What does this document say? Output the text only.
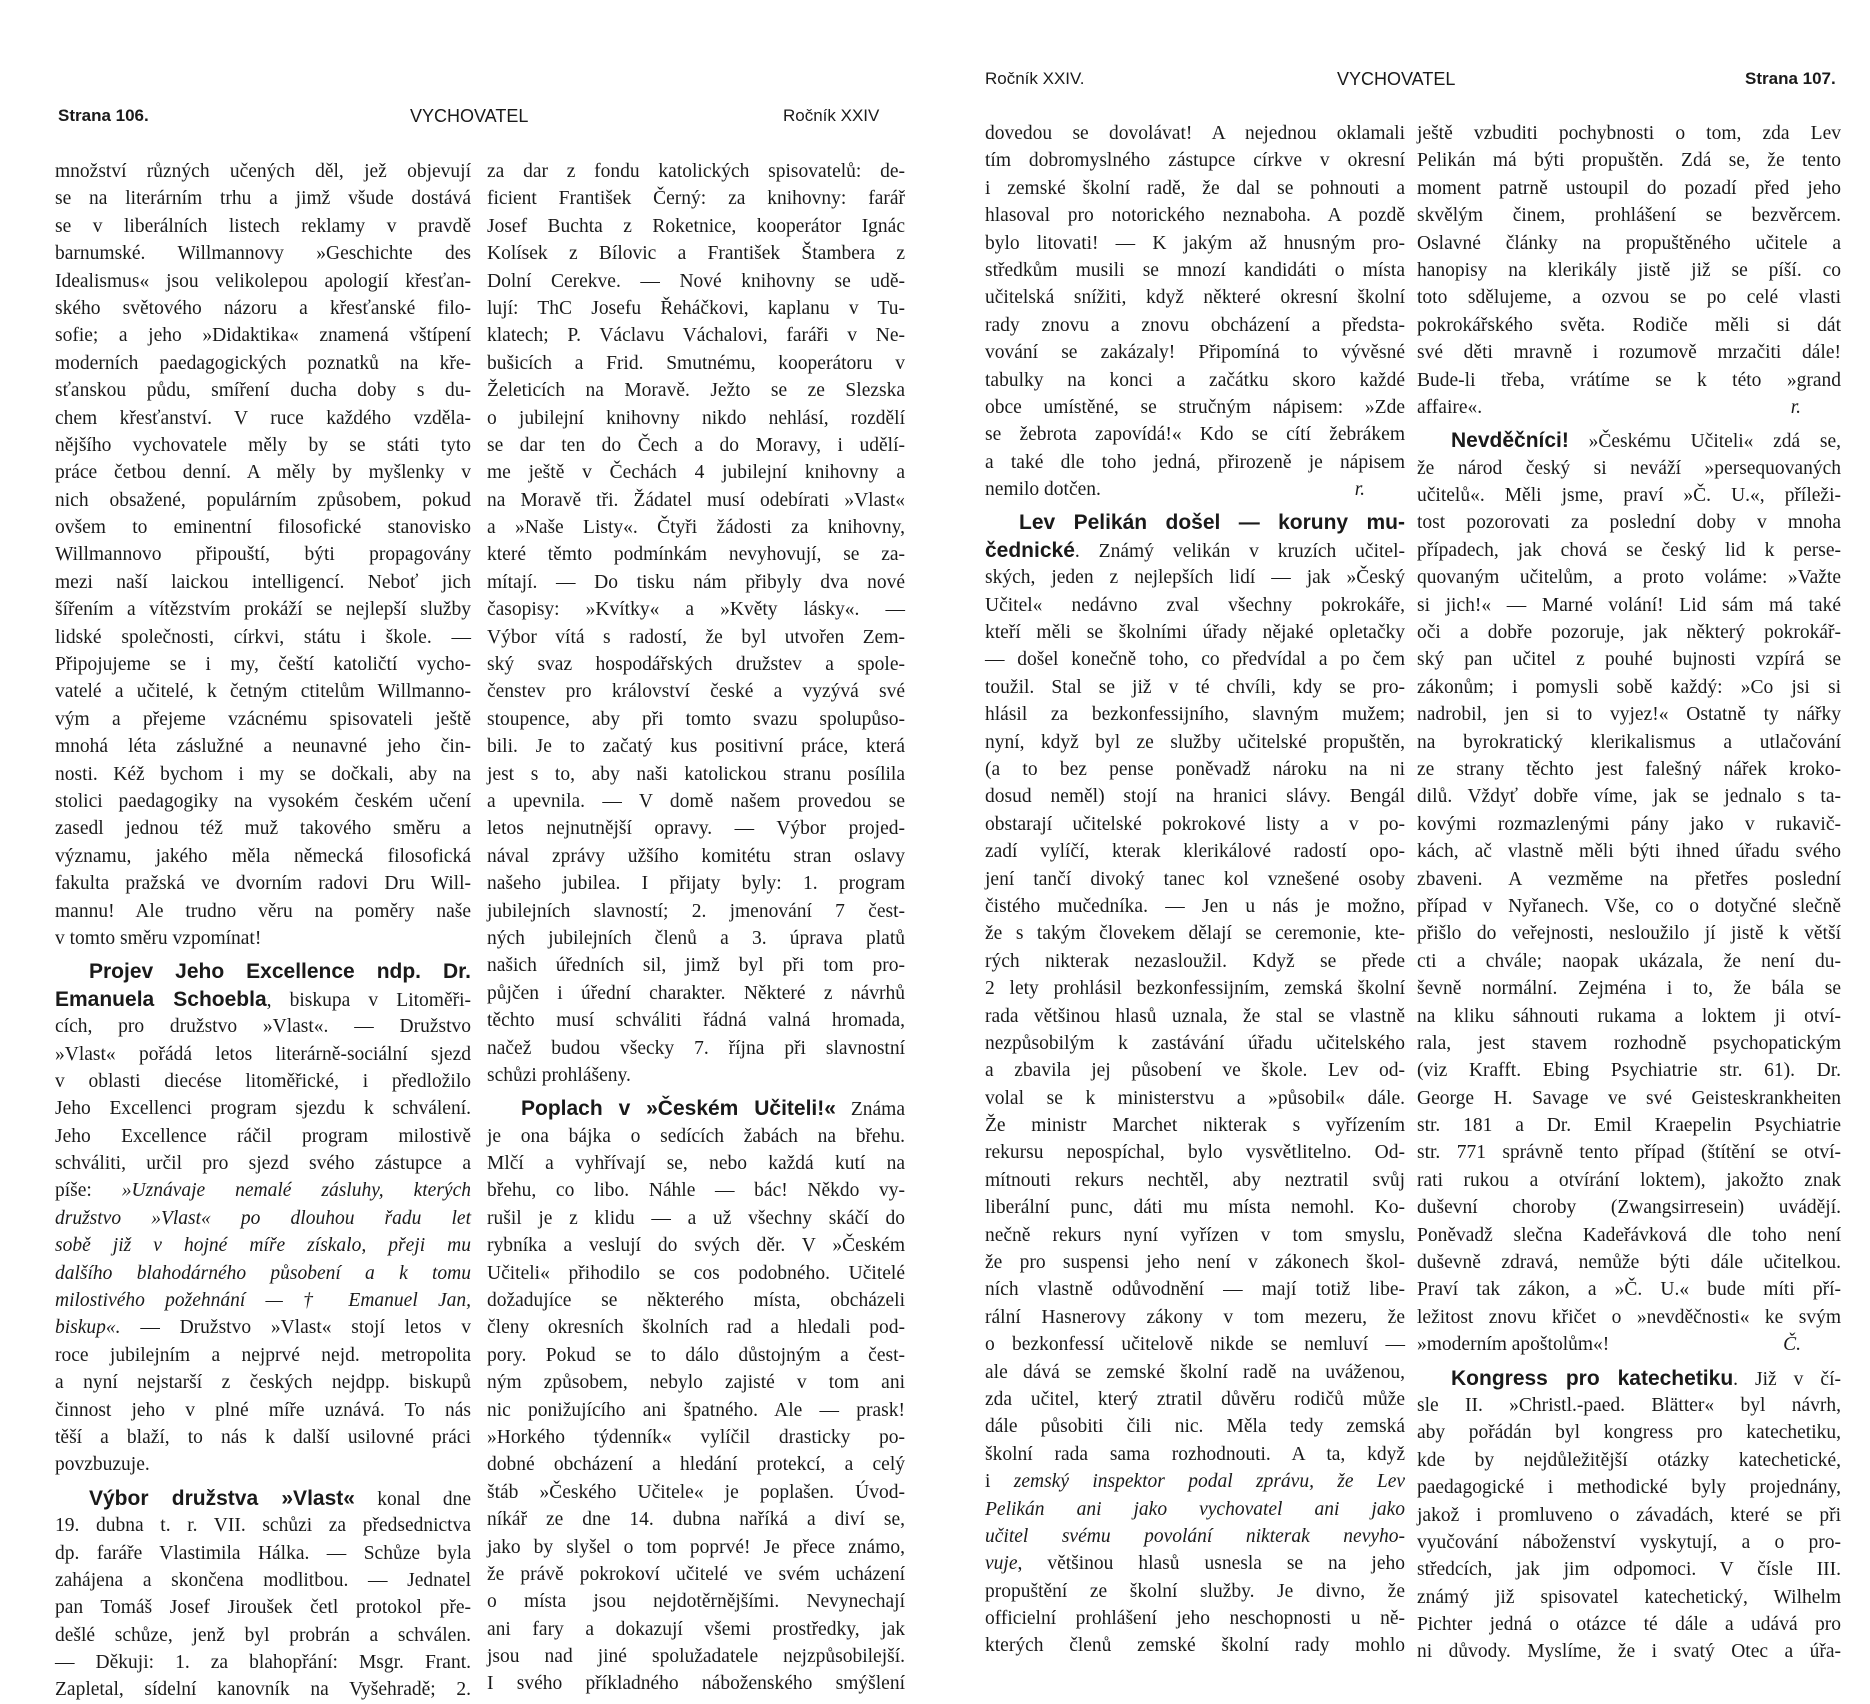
Strana 106.	VYCHOVATEL	Ročník XXIV
Ročník XXIV.	VYCHOVATEL	Strana 107.
množství různých učených děl, jež objevují
se na literárním trhu a jimž všude dostává
se v liberálních listech reklamy v pravdě
barnumské. Willmannovy »Geschichte des
Idealismus« jsou velikolepou apologií křesťan-
ského světového názoru a křesťanské filo-
sofie; a jeho »Didaktika« znamená vštípení
moderních paedagogických poznatků na kře-
sťanskou půdu, smíření ducha doby s du-
chem křesťanství. V ruce každého vzděla-
nějšího vychovatele měly by se státi tyto
práce četbou denní. A měly by myšlenky v
nich obsažené, populárním způsobem, pokud
ovšem to eminentní filosofické stanovisko
Willmannovo připouští, býti propagovány
mezi naší laickou intelligencí. Neboť jich
šířením a vítězstvím prokáží se nejlepší služby
lidské společnosti, církvi, státu i škole. —
Připojujeme se i my, čeští katoličtí vycho-
vatelé a učitelé, k četným ctitelům Willmanno-
vým a přejeme vzácnému spisovateli ještě
mnohá léta záslužné a neunavné jeho čin-
nosti. Kéž bychom i my se dočkali, aby na
stolici paedagogiky na vysokém českém učení
zasedl jednou též muž takového směru a
významu, jakého měla německá filosofická
fakulta pražská ve dvorním radovi Dru Will-
mannu! Ale trudno věru na poměry naše
v tomto směru vzpomínat!
Projev Jeho Excellence ndp. Dr.
Emanuela Schoebla, biskupa v Litoměři-
cích, pro družstvo »Vlast«. — Družstvo
»Vlast« pořádá letos literárně-sociální sjezd
v oblasti diecése litoměřické, i předložilo
Jeho Excellenci program sjezdu k schválení.
Jeho Excellence ráčil program milostivě
schváliti, určil pro sjezd svého zástupce a
píše: »Uznávaje nemalé zásluhy, kterých
družstvo »Vlast« po dlouhou řadu let
sobě již v hojné míře získalo, přeji mu
dalšího blahodárného působení a k tomu
milostivého požehnání — † Emanuel Jan,
biskup«. — Družstvo »Vlast« stojí letos v
roce jubilejním a nejprvé nejd. metropolita
a nyní nejstarší z českých nejdpp. biskupů
činnost jeho v plné míře uznává. To nás
těší a blaží, to nás k další usilovné práci
povzbuzuje.
Výbor družstva »Vlast« konal dne
19. dubna t. r. VII. schůzi za předsednictva
dp. faráře Vlastimila Hálka. — Schůze byla
zahájena a skončena modlitbou. — Jednatel
pan Tomáš Josef Jiroušek četl protokol pře-
dešlé schůze, jenž byl probrán a schválen.
— Děkuji: 1. za blahopřání: Msgr. Frant.
Zapletal, sídelní kanovník na Vyšehradě; 2.
za dar z fondu katolických spisovatelů: de-
ficient František Černý: za knihovny: farář
Josef Buchta z Roketnice, kooperátor Ignác
Kolísek z Bílovic a František Štambera z
Dolní Cerekve. — Nové knihovny se udě-
lují: ThC Josefu Řeháčkovi, kaplanu v Tu-
klatech; P. Václavu Váchalovi, faráři v Ne-
bušicích a Frid. Smutnému, kooperátoru v
Želeticích na Moravě. Ježto se ze Slezska
o jubilejní knihovny nikdo nehlásí, rozdělí
se dar ten do Čech a do Moravy, i udělí-
me ještě v Čechách 4 jubilejní knihovny a
na Moravě tři. Žádatel musí odebírati »Vlast«
a »Naše Listy«. Čtyři žádosti za knihovny,
které těmto podmínkám nevyhovují, se za-
mítají. — Do tisku nám přibyly dva nové
časopisy: »Kvítky« a »Květy lásky«. —
Výbor vítá s radostí, že byl utvořen Zem-
ský svaz hospodářských družstev a spole-
čenstev pro království české a vyzývá své
stoupence, aby při tomto svazu spolupůso-
bili. Je to začatý kus positivní práce, která
jest s to, aby naši katolickou stranu posílila
a upevnila. — V domě našem provedou se
letos nejnutnější opravy. — Výbor projed-
nával zprávy užšího komitétu stran oslavy
našeho jubilea. I přijaty byly: 1. program
jubilejních slavností; 2. jmenování 7 čest-
ných jubilejních členů a 3. úprava platů
našich úředních sil, jimž byl při tom pro-
půjčen i úřední charakter. Některé z návrhů
těchto musí schváliti řádná valná hromada,
načež budou všecky 7. října při slavnostní
schůzi prohlášeny.
Poplach v »Českém Učiteli!« Známa
je ona bájka o sedících žabách na břehu.
Mlčí a vyhřívají se, nebo každá kutí na
břehu, co libo. Náhle — bác! Někdo vy-
rušil je z klidu — a už všechny skáčí do
rybníka a veslují do svých děr. V »Českém
Učiteli« přihodilo se cos podobného. Učitelé
dožadujíce se některého místa, obcházeli
členy okresních školních rad a hledali pod-
pory. Pokud se to dálo důstojným a čest-
ným způsobem, nebylo zajisté v tom ani
nic ponižujícího ani špatného. Ale — prask!
»Horkého týdenník« vylíčil drasticky po-
dobné obcházení a hledání protekcí, a celý
štáb »Českého Učitele« je poplašen. Úvod-
níkář ze dne 14. dubna naříká a diví se,
jako by slyšel o tom poprvé! Je přece známo,
že právě pokrokoví učitelé ve svém ucházení
o místa jsou nejdotěrnějšími. Nevynechají
ani fary a dokazují všemi prostředky, jak
jsou nad jiné spolužadatele nejzpůsobilejší.
I svého příkladného náboženského smýšlení
dovedou se dovolávat! A nejednou oklamali
tím dobromyslného zástupce církve v okresní
i zemské školní radě, že dal se pohnouti a
hlasoval pro notorického neznaboha. A pozdě
bylo litovati! — K jakým až hnusným pro-
středkům musili se mnozí kandidáti o místa
učitelská snížiti, když některé okresní školní
rady znovu a znovu obcházení a předsta-
vování se zakázaly! Připomíná to vývěsné
tabulky na konci a začátku skoro každé
obce umístěné, se stručným nápisem: »Zde
se žebrota zapovídá!« Kdo se cítí žebrákem
a také dle toho jedná, přirozeně je nápisem
nemilo dotčen.	r.
Lev Pelikán došel — koruny mu-
čednické. Známý velikán v kruzích učitel-
ských, jeden z nejlepších lidí — jak »Český
Učitel« nedávno zval všechny pokrokáře,
kteří měli se školními úřady nějaké opletačky
— došel konečně toho, co předvídal a po čem
toužil. Stal se již v té chvíli, kdy se pro-
hlásil za bezkonfessijního, slavným mužem;
nyní, když byl ze služby učitelské propuštěn,
(a to bez pense poněvadž nároku na ni
dosud neměl) stojí na hranici slávy. Bengál
obstarají učitelské pokrokové listy a v po-
zadí vylíčí, kterak klerikálové radostí opo-
jení tančí divoký tanec kol vznešené osoby
čistého mučedníka. — Jen u nás je možno,
že s takým človekem dělají se ceremonie, kte-
rých nikterak nezasloužil. Když se přede
2 lety prohlásil bezkonfessijním, zemská školní
rada většinou hlasů uznala, že stal se vlastně
nezpůsobilým k zastávání úřadu učitelského
a zbavila jej působení ve škole. Lev od-
volal se k ministerstvu a »působil« dále.
Že ministr Marchet nikterak s vyřízením
rekursu nepospíchal, bylo vysvětlitelno. Od-
mítnouti rekurs nechtěl, aby neztratil svůj
liberální punc, dáti mu místa nemohl. Ko-
nečně rekurs nyní vyřízen v tom smyslu,
že pro suspensi jeho není v zákonech škol-
ních vlastně odůvodnění — mají totiž libe-
rální Hasnerovy zákony v tom mezeru, že
o bezkonfessí učitelově nikde se nemluví —
ale dává se zemské školní radě na uváženou,
zda učitel, který ztratil důvěru rodičů může
dále působiti čili nic. Měla tedy zemská
školní rada sama rozhodnouti. A ta, když
i zemský inspektor podal zprávu, že Lev
Pelikán ani jako vychovatel ani jako
učitel svému povolání nikterak nevyho-
vuje, většinou hlasů usnesla se na jeho
propuštění ze školní služby. Je divno, že
officielní prohlášení jeho neschopnosti u ně-
kterých členů zemské školní rady mohlo
ještě vzbuditi pochybnosti o tom, zda Lev
Pelikán má býti propuštěn. Zdá se, že tento
moment patrně ustoupil do pozadí před jeho
skvělým činem, prohlášení se bezvěrcem.
Oslavné články na propuštěného učitele a
hanopisy na klerikály jistě již se píší. co
toto sdělujeme, a ozvou se po celé vlasti
pokrokářského světa. Rodiče měli si dát
své děti mravně i rozumově mrzačiti dále!
Bude-li třeba, vrátíme se k této »grand
affaire«.	r.
Nevděčníci! »Českému Učiteli« zdá se,
že národ český si neváží »persequovaných
učitelů«. Měli jsme, praví »Č. U.«, příleži-
tost pozorovati za poslední doby v mnoha
případech, jak chová se český lid k perse-
quovaným učitelům, a proto voláme: »Važte
si jich!« — Marné volání! Lid sám má také
oči a dobře pozoruje, jak některý pokrokář-
ský pan učitel z pouhé bujnosti vzpírá se
zákonům; i pomysli sobě každý: »Co jsi si
nadrobil, jen si to vyjez!« Ostatně ty nářky
na byrokratický klerikalismus a utlačování
ze strany těchto jest falešný nářek kroko-
dilů. Vždyť dobře víme, jak se jednalo s ta-
kovými rozmazlenými pány jako v rukavič-
kách, ač vlastně měli býti ihned úřadu svého
zbaveni. A vezměme na přetřes poslední
případ v Nyřanech. Vše, co o dotyčné slečně
přišlo do veřejnosti, nesloužilo jí jistě k větší
cti a chvále; naopak ukázala, že není du-
ševně normální. Zejména i to, že bála se
na kliku sáhnouti rukama a loktem ji otví-
rala, jest stavem rozhodně psychopatickým
(viz Krafft. Ebing Psychiatrie str. 61). Dr.
George H. Savage ve své Geisteskrankheiten
str. 181 a Dr. Emil Kraepelin Psychiatrie
str. 771 správně tento případ (štítění se otví-
rati rukou a otvírání loktem), jakožto znak
duševní choroby (Zwangsirresein) uvádějí.
Poněvadž slečna Kadeřávková dle toho není
duševně zdravá, nemůže býti dále učitelkou.
Praví tak zákon, a »Č. U.« bude míti pří-
ležitost znovu křičet o »nevděčnosti« ke svým
»moderním apoštolům«!	Č.
Kongress pro katechetiku. Již v čí-
sle II. »Christl.-paed. Blätter« byl návrh,
aby pořádán byl kongress pro katechetiku,
kde by nejdůležitější otázky katechetické,
paedagogické i methodické byly projednány,
jakož i promluveno o závadách, které se při
vyučování náboženství vyskytují, a o pro-
středcích, jak jim odpomoci. V čísle III.
známý již spisovatel katechetický, Wilhelm
Pichter jedná o otázce té dále a udává pro
ni důvody. Myslíme, že i svatý Otec a úřa-
